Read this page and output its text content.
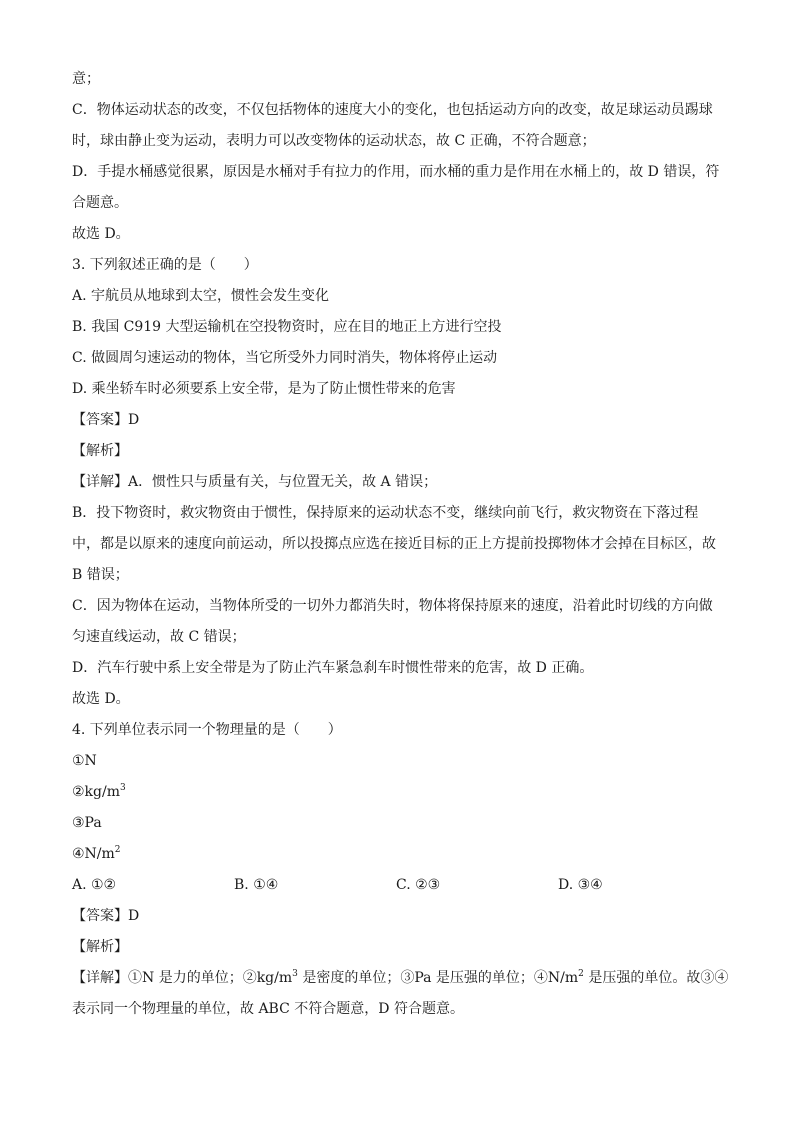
意；
C．物体运动状态的改变，不仅包括物体的速度大小的变化，也包括运动方向的改变，故足球运动员踢球
时，球由静止变为运动，表明力可以改变物体的运动状态，故 C 正确，不符合题意；
D．手提水桶感觉很累，原因是水桶对手有拉力的作用，而水桶的重力是作用在水桶上的，故 D 错误，符
合题意。
故选 D。
3. 下列叙述正确的是（　　）
A. 宇航员从地球到太空，惯性会发生变化
B. 我国 C919 大型运输机在空投物资时，应在目的地正上方进行空投
C. 做圆周匀速运动的物体，当它所受外力同时消失，物体将停止运动
D. 乘坐轿车时必须要系上安全带，是为了防止惯性带来的危害
【答案】D
【解析】
【详解】A．惯性只与质量有关，与位置无关，故 A 错误；
B．投下物资时，救灾物资由于惯性，保持原来的运动状态不变，继续向前飞行，救灾物资在下落过程
中，都是以原来的速度向前运动，所以投掷点应选在接近目标的正上方提前投掷物体才会掉在目标区，故
B 错误；
C．因为物体在运动，当物体所受的一切外力都消失时，物体将保持原来的速度，沿着此时切线的方向做
匀速直线运动，故 C 错误；
D．汽车行驶中系上安全带是为了防止汽车紧急刹车时惯性带来的危害，故 D 正确。
故选 D。
4. 下列单位表示同一个物理量的是（　　）
①N
②kg/$m^3$
③Pa
$④N/m^2$
A. ①②	B. ①④	C. ②③	D. ③④
【答案】D
【解析】
【详解】①N 是力的单位；②kg/$m^3$ 是密度的单位；③Pa 是压强的单位；$④N/m^2$ 是压强的单位。故③④
表示同一个物理量的单位，故 ABC 不符合题意，D 符合题意。
